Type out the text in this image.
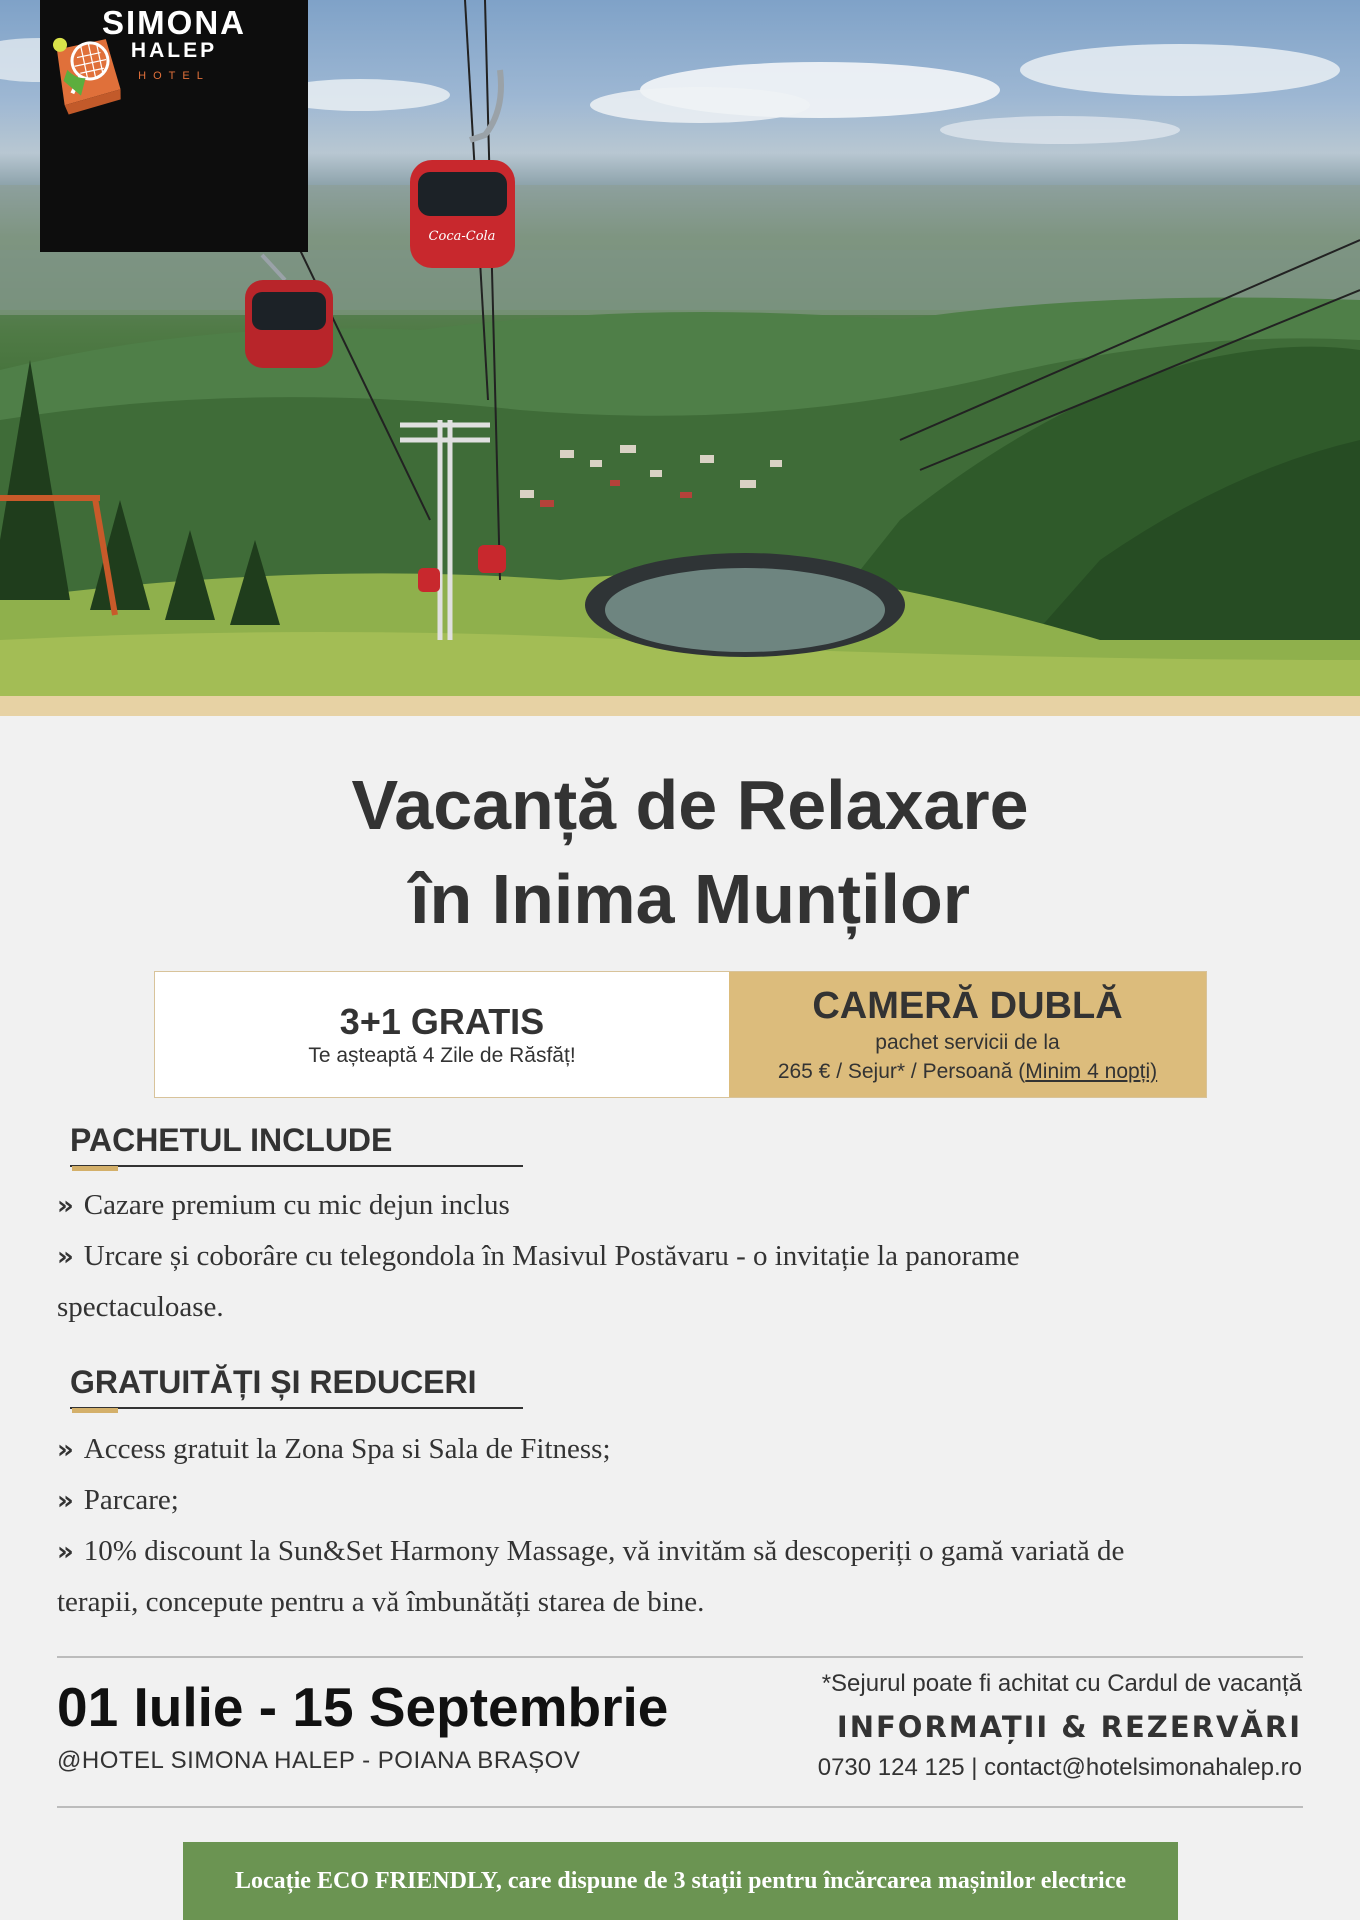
Coca-Cola
SIMONA
HALEP
HOTEL
Vacanță de Relaxare
în Inima Munților
3+1 GRATIS
Te așteaptă 4 Zile de Răsfăț!
CAMERĂ DUBLĂ
pachet servicii de la
265 € / Sejur* / Persoană (Minim 4 nopți)
PACHETUL INCLUDE
» Cazare premium cu mic dejun inclus
» Urcare și coborâre cu telegondola în Masivul Postăvaru - o invitație la panorame spectaculoase.
GRATUITĂȚI ȘI REDUCERI
» Access gratuit la Zona Spa si Sala de Fitness;
» Parcare;
» 10% discount la Sun&Set Harmony Massage, vă invităm să descoperiți o gamă variată de terapii, concepute pentru a vă îmbunătăți starea de bine.
01 Iulie - 15 Septembrie
@HOTEL SIMONA HALEP - POIANA BRAȘOV
*Sejurul poate fi achitat cu Cardul de vacanță
INFORMAȚII & REZERVĂRI
0730 124 125 | contact@hotelsimonahalep.ro
Locație ECO FRIENDLY, care dispune de 3 stații pentru încărcarea mașinilor electrice
